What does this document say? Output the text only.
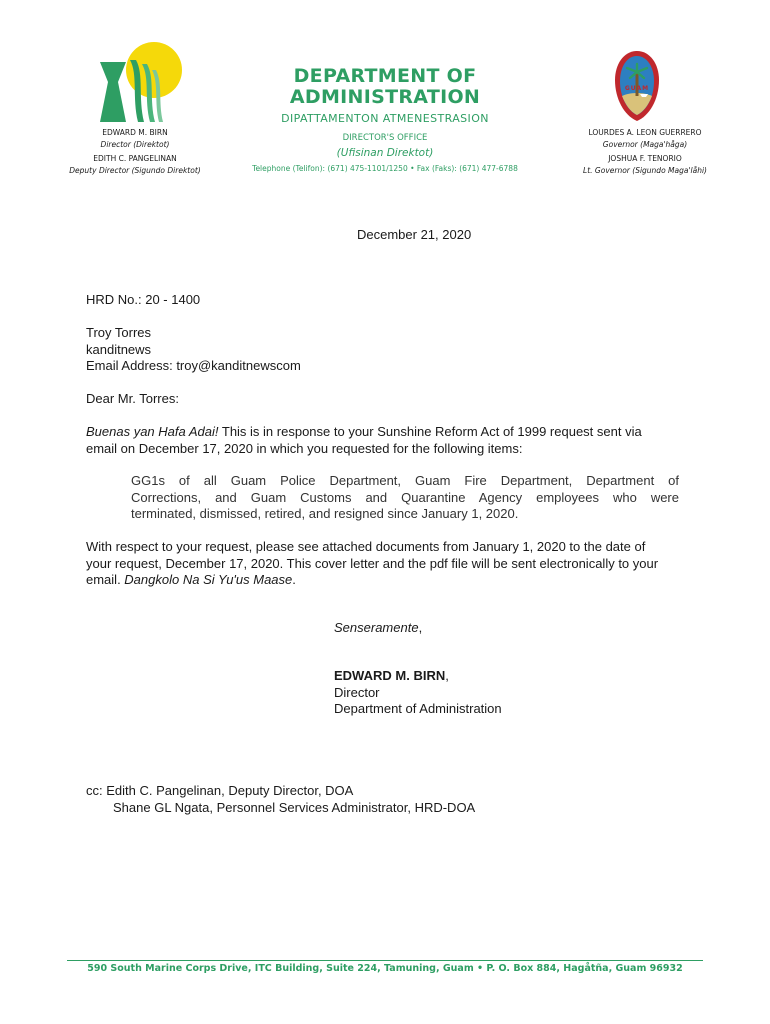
EDWARD M. BIRN
Director (Direktot)
EDITH C. PANGELINAN
Deputy Director (Sigundo Direktot)
DEPARTMENT OF
ADMINISTRATION
DIPATTAMENTON ATMENESTRASION
DIRECTOR'S OFFICE
(Ufisinan Direktot)
Telephone (Telifon): (671) 475-1101/1250 • Fax (Faks): (671) 477-6788
GUAM
LOURDES A. LEON GUERRERO
Governor (Maga'håga)
JOSHUA F. TENORIO
Lt. Governor (Sigundo Maga'låhi)
December 21, 2020
HRD No.: 20 - 1400
Troy Torres
kanditnews
Email Address: troy@kanditnewscom
Dear Mr. Torres:
Buenas yan Hafa Adai! This is in response to your Sunshine Reform Act of 1999 request sent via
email on December 17, 2020 in which you requested for the following items:
GG1s of all Guam Police Department, Guam Fire Department, Department of
Corrections, and Guam Customs and Quarantine Agency employees who were
terminated, dismissed, retired, and resigned since January 1, 2020.
With respect to your request, please see attached documents from January 1, 2020 to the date of
your request, December 17, 2020. This cover letter and the pdf file will be sent electronically to your
email. Dangkolo Na Si Yu'us Maase.
Senseramente,
EDWARD M. BIRN,
Director
Department of Administration
cc: Edith C. Pangelinan, Deputy Director, DOA
Shane GL Ngata, Personnel Services Administrator, HRD-DOA
590 South Marine Corps Drive, ITC Building, Suite 224, Tamuning, Guam • P. O. Box 884, Hagåtña, Guam 96932
